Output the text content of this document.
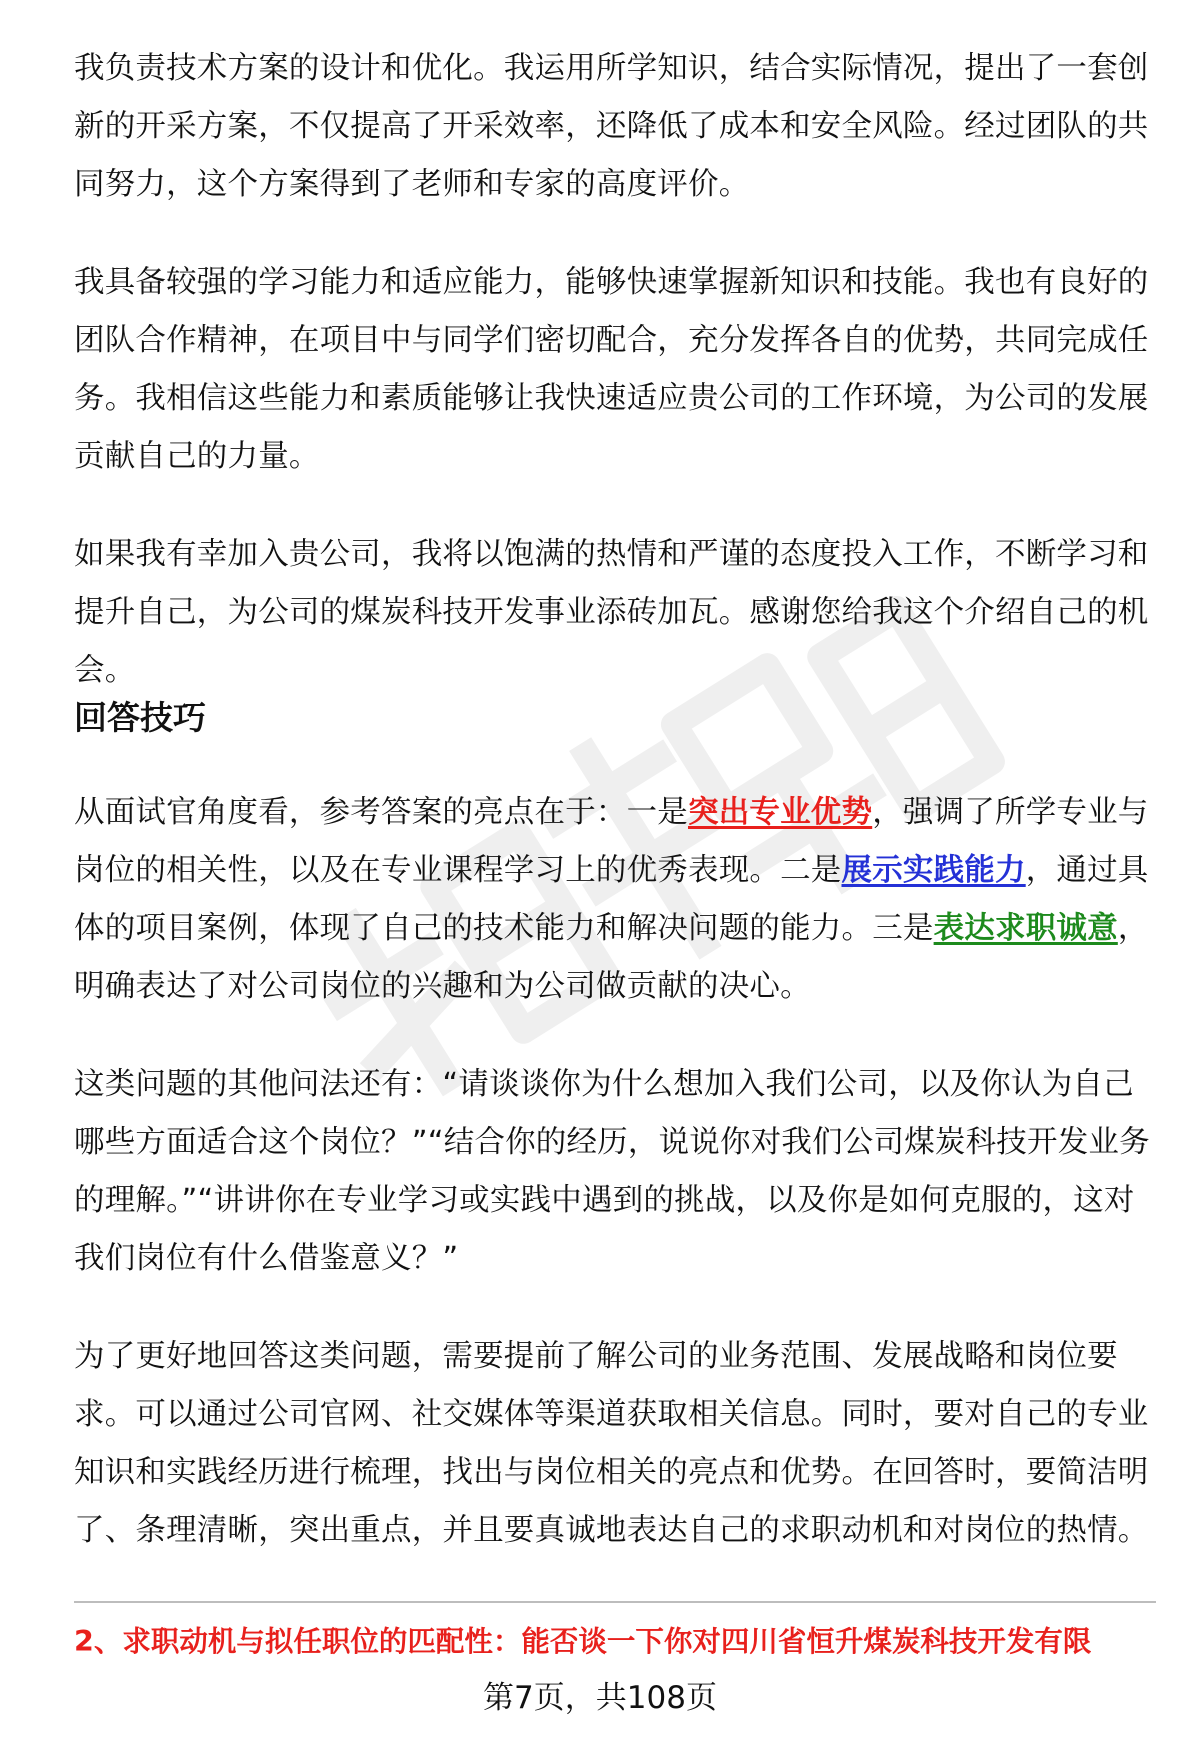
我负责技术方案的设计和优化。我运用所学知识，结合实际情况，提出了一套创新的开采方案，不仅提高了开采效率，还降低了成本和安全风险。经过团队的共同努力，这个方案得到了老师和专家的高度评价。

我具备较强的学习能力和适应能力，能够快速掌握新知识和技能。我也有良好的团队合作精神，在项目中与同学们密切配合，充分发挥各自的优势，共同完成任务。我相信这些能力和素质能够让我快速适应贵公司的工作环境，为公司的发展贡献自己的力量。

如果我有幸加入贵公司，我将以饱满的热情和严谨的态度投入工作，不断学习和提升自己，为公司的煤炭科技开发事业添砖加瓦。感谢您给我这个介绍自己的机会。

回答技巧

从面试官角度看，参考答案的亮点在于：一是突出专业优势，强调了所学专业与岗位的相关性，以及在专业课程学习上的优秀表现。二是展示实践能力，通过具体的项目案例，体现了自己的技术能力和解决问题的能力。三是表达求职诚意，明确表达了对公司岗位的兴趣和为公司做贡献的决心。

这类问题的其他问法还有：“请谈谈你为什么想加入我们公司，以及你认为自己哪些方面适合这个岗位？”“结合你的经历，说说你对我们公司煤炭科技开发业务的理解。”“讲讲你在专业学习或实践中遇到的挑战，以及你是如何克服的，这对我们岗位有什么借鉴意义？”

为了更好地回答这类问题，需要提前了解公司的业务范围、发展战略和岗位要求。可以通过公司官网、社交媒体等渠道获取相关信息。同时，要对自己的专业知识和实践经历进行梳理，找出与岗位相关的亮点和优势。在回答时，要简洁明了、条理清晰，突出重点，并且要真诚地表达自己的求职动机和对岗位的热情。

2、求职动机与拟任职位的匹配性：能否谈一下你对四川省恒升煤炭科技开发有限

第7页，共108页
